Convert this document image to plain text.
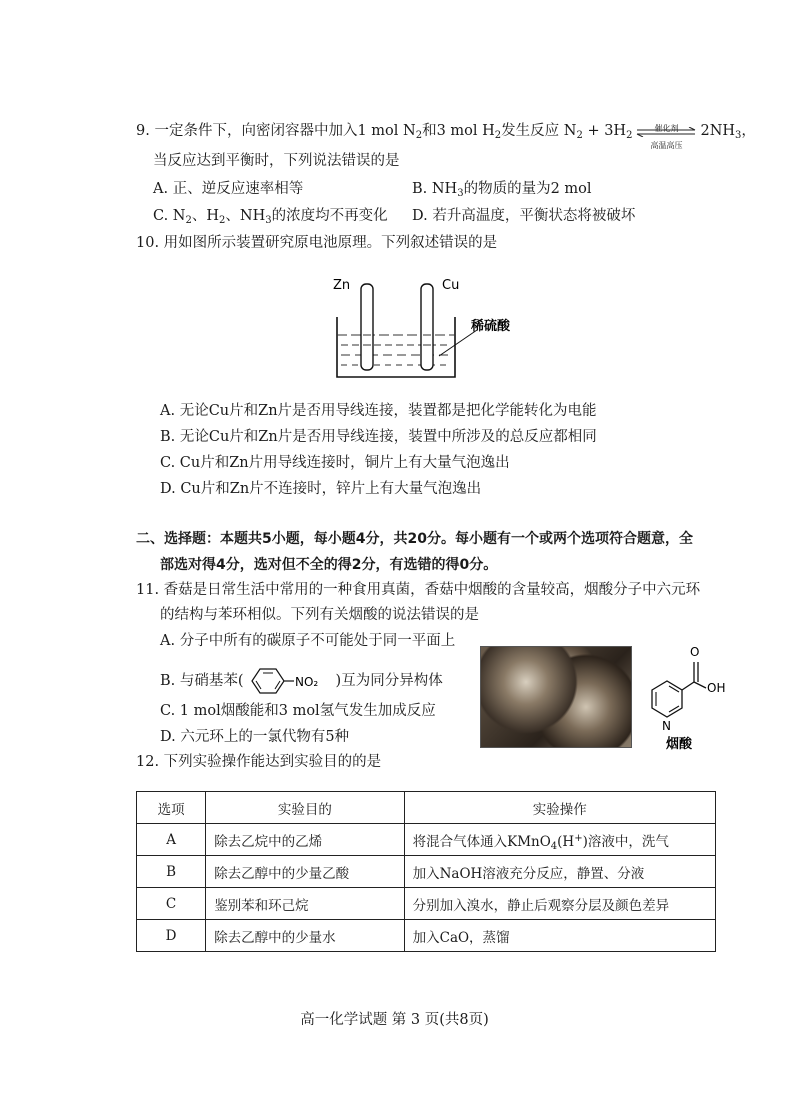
9. 一定条件下，向密闭容器中加入1 mol $N_2$和3 mol $H_2$发生反应 $N_2 + 3H_2$
催化剂
高温高压
$2NH_3$，
当反应达到平衡时，下列说法错误的是
A. 正、逆反应速率相等	B. $NH_3$的物质的量为2 mol
C. $N_2$、$H_2$、$NH_3$的浓度均不再变化 D. 若升高温度，平衡状态将被破坏
10. 用如图所示装置研究原电池原理。下列叙述错误的是
Zn	Cu
稀硫酸
A. 无论Cu片和Zn片是否用导线连接，装置都是把化学能转化为电能
B. 无论Cu片和Zn片是否用导线连接，装置中所涉及的总反应都相同
C. Cu片和Zn片用导线连接时，铜片上有大量气泡逸出
D. Cu片和Zn片不连接时，锌片上有大量气泡逸出
二、选择题：本题共5小题，每小题4分，共20分。每小题有一个或两个选项符合题意，全
部选对得4分，选对但不全的得2分，有选错的得0分。
11. 香菇是日常生活中常用的一种食用真菌，香菇中烟酸的含量较高，烟酸分子中六元环
的结构与苯环相似。下列有关烟酸的说法错误的是
A. 分子中所有的碳原子不可能处于同一平面上
B. 与硝基苯(	NO₂ )互为同分异构体
C. 1 mol烟酸能和3 mol氢气发生加成反应
D. 六元环上的一氯代物有5种
O
OH
N
烟酸
12. 下列实验操作能达到实验目的的是
选项	实验目的	实验操作
A	除去乙烷中的乙烯	将混合气体通入KMnO$_4$(H+)溶液中，洗气
B	除去乙醇中的少量乙酸	加入NaOH溶液充分反应，静置、分液
C	鉴别苯和环己烷	分别加入溴水，静止后观察分层及颜色差异
D	除去乙醇中的少量水	加入CaO，蒸馏
高一化学试题 第 3 页(共8页)
